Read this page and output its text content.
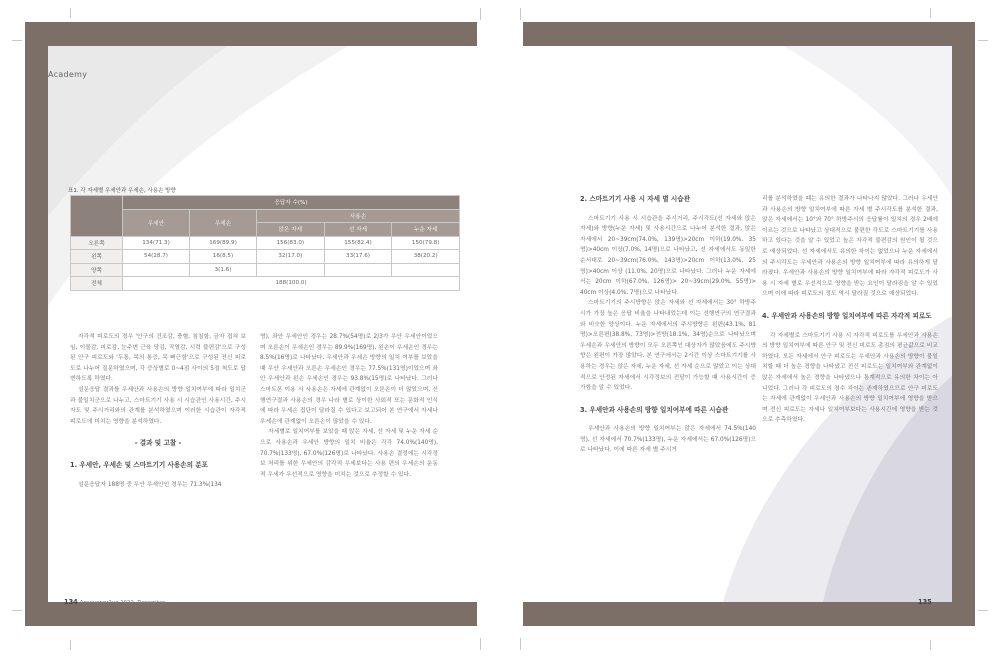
Academy
표1. 각 자세별 우세안과 우세손, 사용손 방향
	응답자 수(%)				
	우세안	우세손	사용손		
			앉은 자세	선 자세	누운 자세
오른쪽	134(71.3)	169(89.9)	156(83.0)	155(82.4)	150(79.8)
왼쪽	54(28.7)	16(8.5)	32(17.0)	33(17.6)	38(20.2)
양쪽		3(1.6)			
전체	188(100.0)				

자각적 피로도의 경우 '안구의 건조감, 충혈, 침침함, 금자 겹쳐 보임, 이물감, 피로감, 눈주변 근육 당김, 작열감, 시력 불편감'으로 구성된 안구 피로도와 '두통, 목의 통증, 목 뻐근함'으로 구성된 전신 피로도로 나누어 질문하였으며, 각 증상별로 0~4점 사이의 5점 척도로 답변하도록 하였다.

설문응답 결과를 우세안과 사용손의 방향 일치여부에 따라 일치군과 불일치군으로 나누고, 스마트기기 사용 시 시습관인 사용시간, 주시자도 및 주시거리와의 관계를 분석하였으며 이러한 시습관이 자각적 피로도에 미치는 영향을 분석하였다.

- 결과 및 고찰 -
1. 우세안, 우세손 및 스마트기기 사용손의 분포

설문응답자 188명 중 우안 우세안인 경우는 71.3%(134

명), 좌안 우세안인 경우는 28.7%(54명)로 2/3가 우안 우세안이었으며 오른손이 우세손인 경우는 89.9%(169명), 왼손이 우세손인 경우는 8.5%(16명)로 나타났다. 우세안과 우세손 방향의 일치 여부를 보았을 때 우안 우세안과 오른손 우세손인 경우는 77.5%(131명)이었으며 좌안 우세안과 왼손 우세손인 경우는 93.8%(15명)로 나타났다. 그러나 스마트폰 이용 시 사용손은 자세에 관계없이 오른손이 더 많았으며, 선행연구결과 사용손의 경우 나라 별로 상이한 사회적 또는 문화적 인식에 따라 우세손 집단이 달라질 수 있다고 보고되어 본 연구에서 자세나 우세손에 관계없이 오른손이 많았을 수 있다.

자세별로 일치여부를 보았을 때 앉은 자세, 선 자세 및 누운 자세 순으로 사용손과 우세안 방향의 일치 비율은 각각 74.0%(140명), 70.7%(133명), 67.0%(126명)로 나타났다. 사용손 결정에는 시각정보 처리를 위한 우세안의 감각적 우세보다는 사용 편의 우세손의 운동적 우세가 우선적으로 영향을 미치는 것으로 추정할 수 있다.

134 Anseyongr2ye 2022. December
2. 스마트기기 사용 시 자세 별 시습관

스마트기기 사용 시 시습관을 주시거리, 주시각도(선 자세와 앉은 자세)와 방향(누운 자세) 및 사용시간으로 나누어 분석한 결과, 앉은 자세에서 20~39cm(74.0%, 139명)>20cm 이하(19.0%, 35명)>40cm 이상(7.0%, 14명)으로 나타났고, 선 자세에서도 동일한 순서대로 20~39cm(76.0%, 143명)>20cm 이하(13.0%, 25명)>40cm 이상 (11.0%, 20명)으로 나타났다. 그러나 누운 자세에서는 20cm 이하(67.0%, 126명)> 20~39cm(29.0%, 55명)> 40cm 이상(4.0%, 7명)으로 나타났다.

스마트기기의 주시방향은 앉은 자세와 선 자세에서는 30° 하방주시가 가장 높은 응답 비율을 나타내었는데 이는 선행연구의 연구결과와 비슷한 양상이다. 누운 자세에서의 주시방향은 왼편(43.1%, 81명)>오른편(38.8%, 73명)>전방(18.1%, 34명)순으로 나타났으며 우세손과 우세안의 방향이 모두 오른쪽인 대상자가 많았음에도 주시방향은 왼편이 가장 많았다. 본 연구에서는 2시간 이상 스마트기기를 사용하는 경우는 앉은 자세, 누운 자세, 선 자세 순으로 많았고 이는 상대적으로 안정된 자세에서 시각정보의 전달이 가능할 때 사용시간이 증가함을 알 수 있었다.

3. 우세안과 사용손의 방향 일치여부에 따른 시습관

우세안과 사용손의 방향 일치여부는 앉은 자세에서 74.5%(140명), 선 자세에서 70.7%(133명), 누운 자세에서는 67.0%(126명)으로 나타났다. 이에 따른 자세 별 주시거

리를 분석하였을 때는 유의한 결과가 나타나지 않았다. 그러나 우세안과 사용손의 방향 일치여부에 따른 자세 별 주시각도를 분석한 결과, 앉은 자세에서는 10°와 70° 하방주시의 응답률이 일치의 경우 2배에 이르는 것으로 나타났고 상대적으로 불편한 각도로 스마트기기를 사용하고 있다는 것을 알 수 있었고 높은 자각적 불편감의 원인이 될 것으로 예상되었다. 선 자세에서도 유의한 차이는 없었으나 누운 자세에서의 주시각도는 우세안과 사용손의 방향 일치여부에 따라 유의하게 달라졌다. 우세안과 사용손의 방향 일치여부에 따라 자각적 피로도가 사용 시 자세 별로 우선적으로 영향을 받는 요인이 달라짐을 알 수 있었으며 이에 따라 피로도의 정도 역시 달라질 것으로 예상되었다.

4. 우세안과 사용손의 방향 일치여부에 따른 자각적 피로도

각 자세별로 스마트기기 사용 시 자각적 피로도를 우세안과 사용손의 방향 일치여부에 따른 안구 및 전신 피로도 총점의 평균값으로 비교하였다. 모든 자세에서 안구 피로도는 우세안과 사용손의 방향이 불일치할 때 더 높은 경향을 나타냈고 전신 피로도는 일치여부와 관계없이 앉은 자세에서 높은 경향을 나타냈으나 통계적으로 유의한 차이는 아니었다. 그러나 각 피로도의 점수 차이는 존재하였으므로 안구 피로도는 자세에 관계없이 우세안과 사용손의 방향 일치여부에 영향을 받으며 전신 피로도는 자세나 일치여부보다는 사용시간에 영향을 받는 것으로 추측하였다.

135
